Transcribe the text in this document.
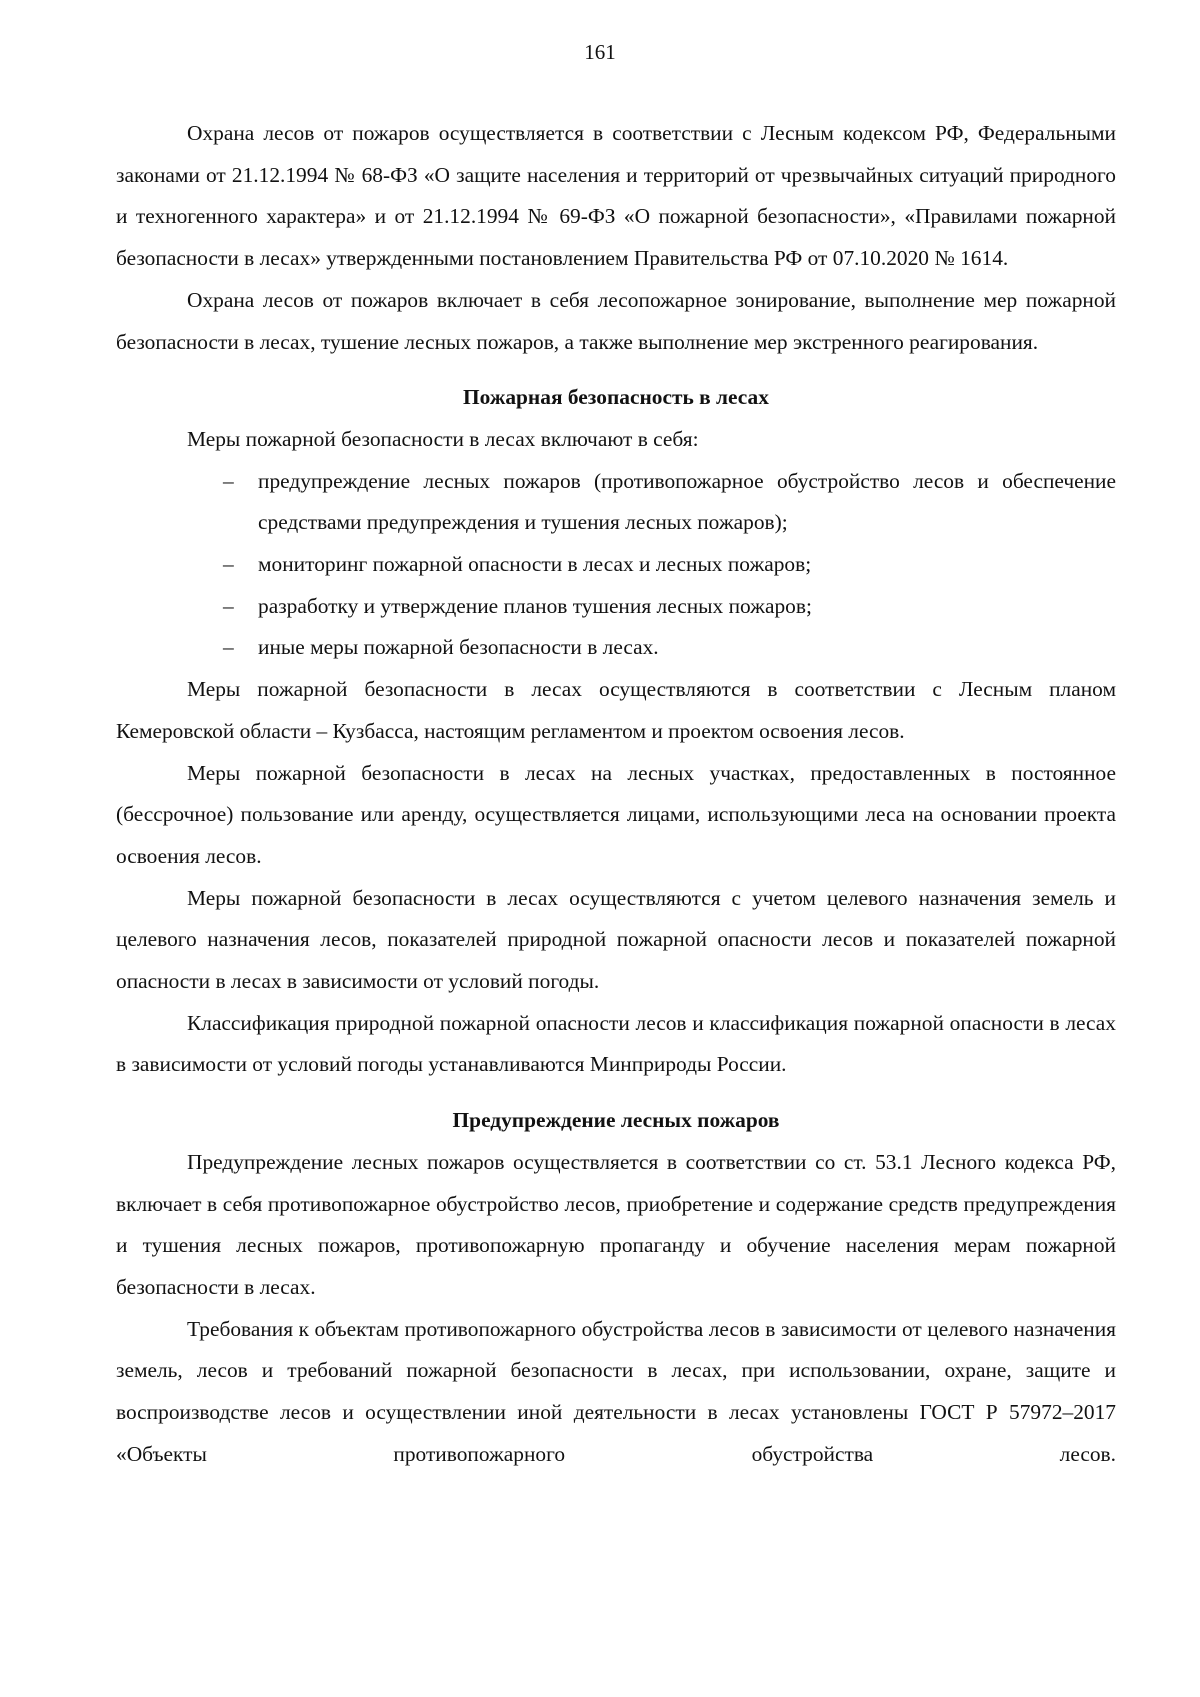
161

Охрана лесов от пожаров осуществляется в соответствии с Лесным кодексом РФ, Федеральными законами от 21.12.1994 № 68-ФЗ «О защите населения и территорий от чрезвычайных ситуаций природного и техногенного характера» и от 21.12.1994 № 69-ФЗ «О пожарной безопасности», «Правилами пожарной безопасности в лесах» утвержденными постановлением Правительства РФ от 07.10.2020 № 1614.

Охрана лесов от пожаров включает в себя лесопожарное зонирование, выполнение мер пожарной безопасности в лесах, тушение лесных пожаров, а также выполнение мер экстренного реагирования.

Пожарная безопасность в лесах

Меры пожарной безопасности в лесах включают в себя:

– предупреждение лесных пожаров (противопожарное обустройство лесов и обеспечение средствами предупреждения и тушения лесных пожаров);
– мониторинг пожарной опасности в лесах и лесных пожаров;
– разработку и утверждение планов тушения лесных пожаров;
– иные меры пожарной безопасности в лесах.

Меры пожарной безопасности в лесах осуществляются в соответствии с Лесным планом Кемеровской области – Кузбасса, настоящим регламентом и проектом освоения лесов.

Меры пожарной безопасности в лесах на лесных участках, предоставленных в постоянное (бессрочное) пользование или аренду, осуществляется лицами, использующими леса на основании проекта освоения лесов.

Меры пожарной безопасности в лесах осуществляются с учетом целевого назначения земель и целевого назначения лесов, показателей природной пожарной опасности лесов и показателей пожарной опасности в лесах в зависимости от условий погоды.

Классификация природной пожарной опасности лесов и классификация пожарной опасности в лесах в зависимости от условий погоды устанавливаются Минприроды России.

Предупреждение лесных пожаров

Предупреждение лесных пожаров осуществляется в соответствии со ст. 53.1 Лесного кодекса РФ, включает в себя противопожарное обустройство лесов, приобретение и содержание средств предупреждения и тушения лесных пожаров, противопожарную пропаганду и обучение населения мерам пожарной безопасности в лесах.

Требования к объектам противопожарного обустройства лесов в зависимости от целевого назначения земель, лесов и требований пожарной безопасности в лесах, при использовании, охране, защите и воспроизводстве лесов и осуществлении иной деятельности в лесах установлены ГОСТ Р 57972–2017 «Объекты противопожарного обустройства лесов.
